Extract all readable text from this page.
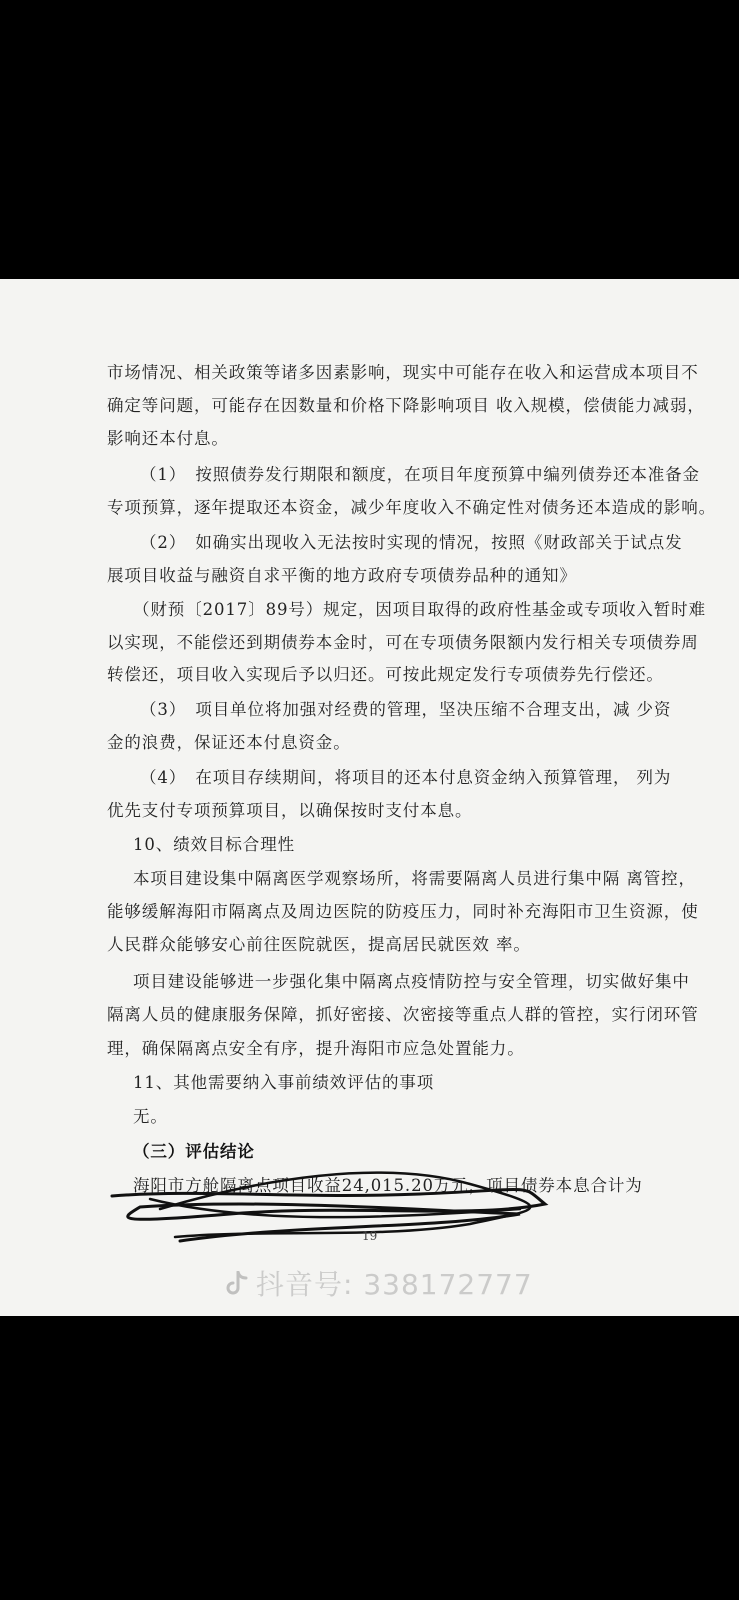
市场情况、相关政策等诸多因素影响，现实中可能存在收入和运营成本项目不
确定等问题，可能存在因数量和价格下降影响项目 收入规模，偿债能力减弱，
影响还本付息。
（1）　按照债券发行期限和额度，在项目年度预算中编列债券还本准备金
专项预算，逐年提取还本资金，减少年度收入不确定性对债务还本造成的影响。
（2）　如确实出现收入无法按时实现的情况，按照《财政部关于试点发
展项目收益与融资自求平衡的地方政府专项债券品种的通知》
（财预〔2017〕89号）规定，因项目取得的政府性基金或专项收入暂时难
以实现，不能偿还到期债券本金时，可在专项债务限额内发行相关专项债券周
转偿还，项目收入实现后予以归还。可按此规定发行专项债券先行偿还。
（3）　项目单位将加强对经费的管理，坚决压缩不合理支出，减 少资
金的浪费，保证还本付息资金。
（4）　在项目存续期间，将项目的还本付息资金纳入预算管理， 列为
优先支付专项预算项目，以确保按时支付本息。
10、绩效目标合理性
本项目建设集中隔离医学观察场所，将需要隔离人员进行集中隔 离管控，
能够缓解海阳市隔离点及周边医院的防疫压力，同时补充海阳市卫生资源，使
人民群众能够安心前往医院就医，提高居民就医效 率。
项目建设能够进一步强化集中隔离点疫情防控与安全管理，切实做好集中
隔离人员的健康服务保障，抓好密接、次密接等重点人群的管控，实行闭环管
理，确保隔离点安全有序，提升海阳市应急处置能力。
11、其他需要纳入事前绩效评估的事项
无。
（三）评估结论
海阳市方舱隔离点项目收益24,015.20万元，项目债券本息合计为
19
抖音号: 338172777
